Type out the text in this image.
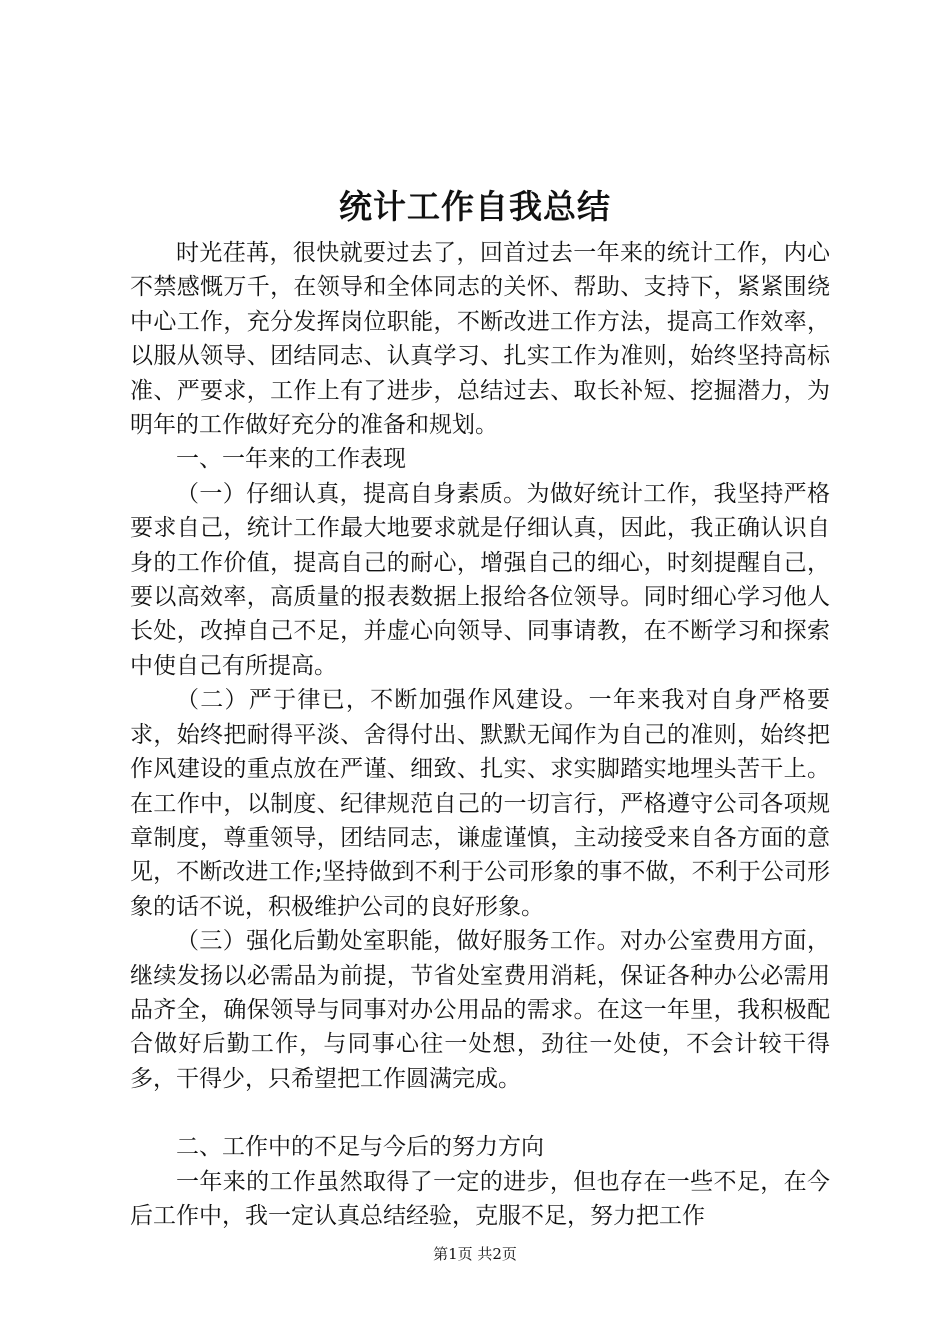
统计工作自我总结

时光荏苒，很快就要过去了，回首过去一年来的统计工作，内心不禁感慨万千，在领导和全体同志的关怀、帮助、支持下，紧紧围绕中心工作，充分发挥岗位职能，不断改进工作方法，提高工作效率，以服从领导、团结同志、认真学习、扎实工作为准则，始终坚持高标准、严要求，工作上有了进步，总结过去、取长补短、挖掘潜力，为明年的工作做好充分的准备和规划。

一、一年来的工作表现

（一）仔细认真，提高自身素质。为做好统计工作，我坚持严格要求自己，统计工作最大地要求就是仔细认真，因此，我正确认识自身的工作价值，提高自己的耐心，增强自己的细心，时刻提醒自己，要以高效率，高质量的报表数据上报给各位领导。同时细心学习他人长处，改掉自己不足，并虚心向领导、同事请教，在不断学习和探索中使自己有所提高。

（二）严于律已，不断加强作风建设。一年来我对自身严格要求，始终把耐得平淡、舍得付出、默默无闻作为自己的准则，始终把作风建设的重点放在严谨、细致、扎实、求实脚踏实地埋头苦干上。在工作中，以制度、纪律规范自己的一切言行，严格遵守公司各项规章制度，尊重领导，团结同志，谦虚谨慎，主动接受来自各方面的意见，不断改进工作;坚持做到不利于公司形象的事不做，不利于公司形象的话不说，积极维护公司的良好形象。

（三）强化后勤处室职能，做好服务工作。对办公室费用方面，继续发扬以必需品为前提，节省处室费用消耗，保证各种办公必需用品齐全，确保领导与同事对办公用品的需求。在这一年里，我积极配合做好后勤工作，与同事心往一处想，劲往一处使，不会计较干得多，干得少，只希望把工作圆满完成。

二、工作中的不足与今后的努力方向

一年来的工作虽然取得了一定的进步，但也存在一些不足，在今后工作中，我一定认真总结经验，克服不足，努力把工作

第1页 共2页
